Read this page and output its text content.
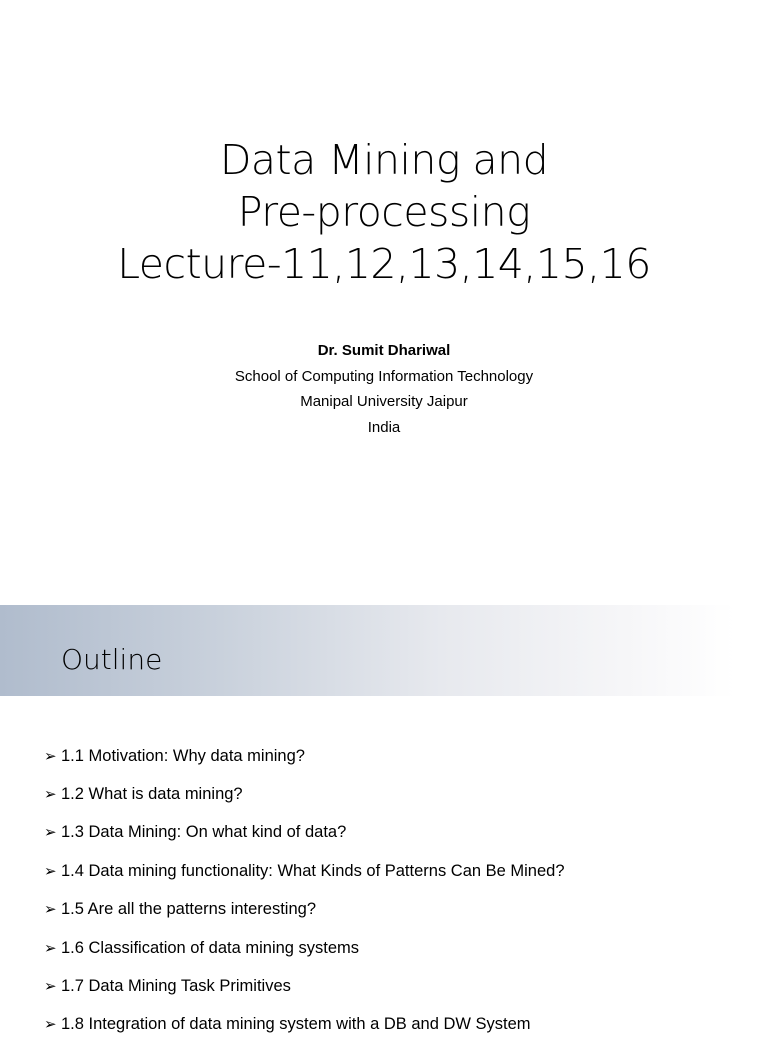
Data Mining and
Pre-processing
Lecture-11,12,13,14,15,16
Dr. Sumit Dhariwal
School of Computing Information Technology
Manipal University Jaipur
India
Outline
➢ 1.1 Motivation: Why data mining?
➢ 1.2 What is data mining?
➢ 1.3 Data Mining: On what kind of data?
➢ 1.4 Data mining functionality: What Kinds of Patterns Can Be Mined?
➢ 1.5 Are all the patterns interesting?
➢ 1.6 Classification of data mining systems
➢ 1.7 Data Mining Task Primitives
➢ 1.8 Integration of data mining system with a DB and DW System
